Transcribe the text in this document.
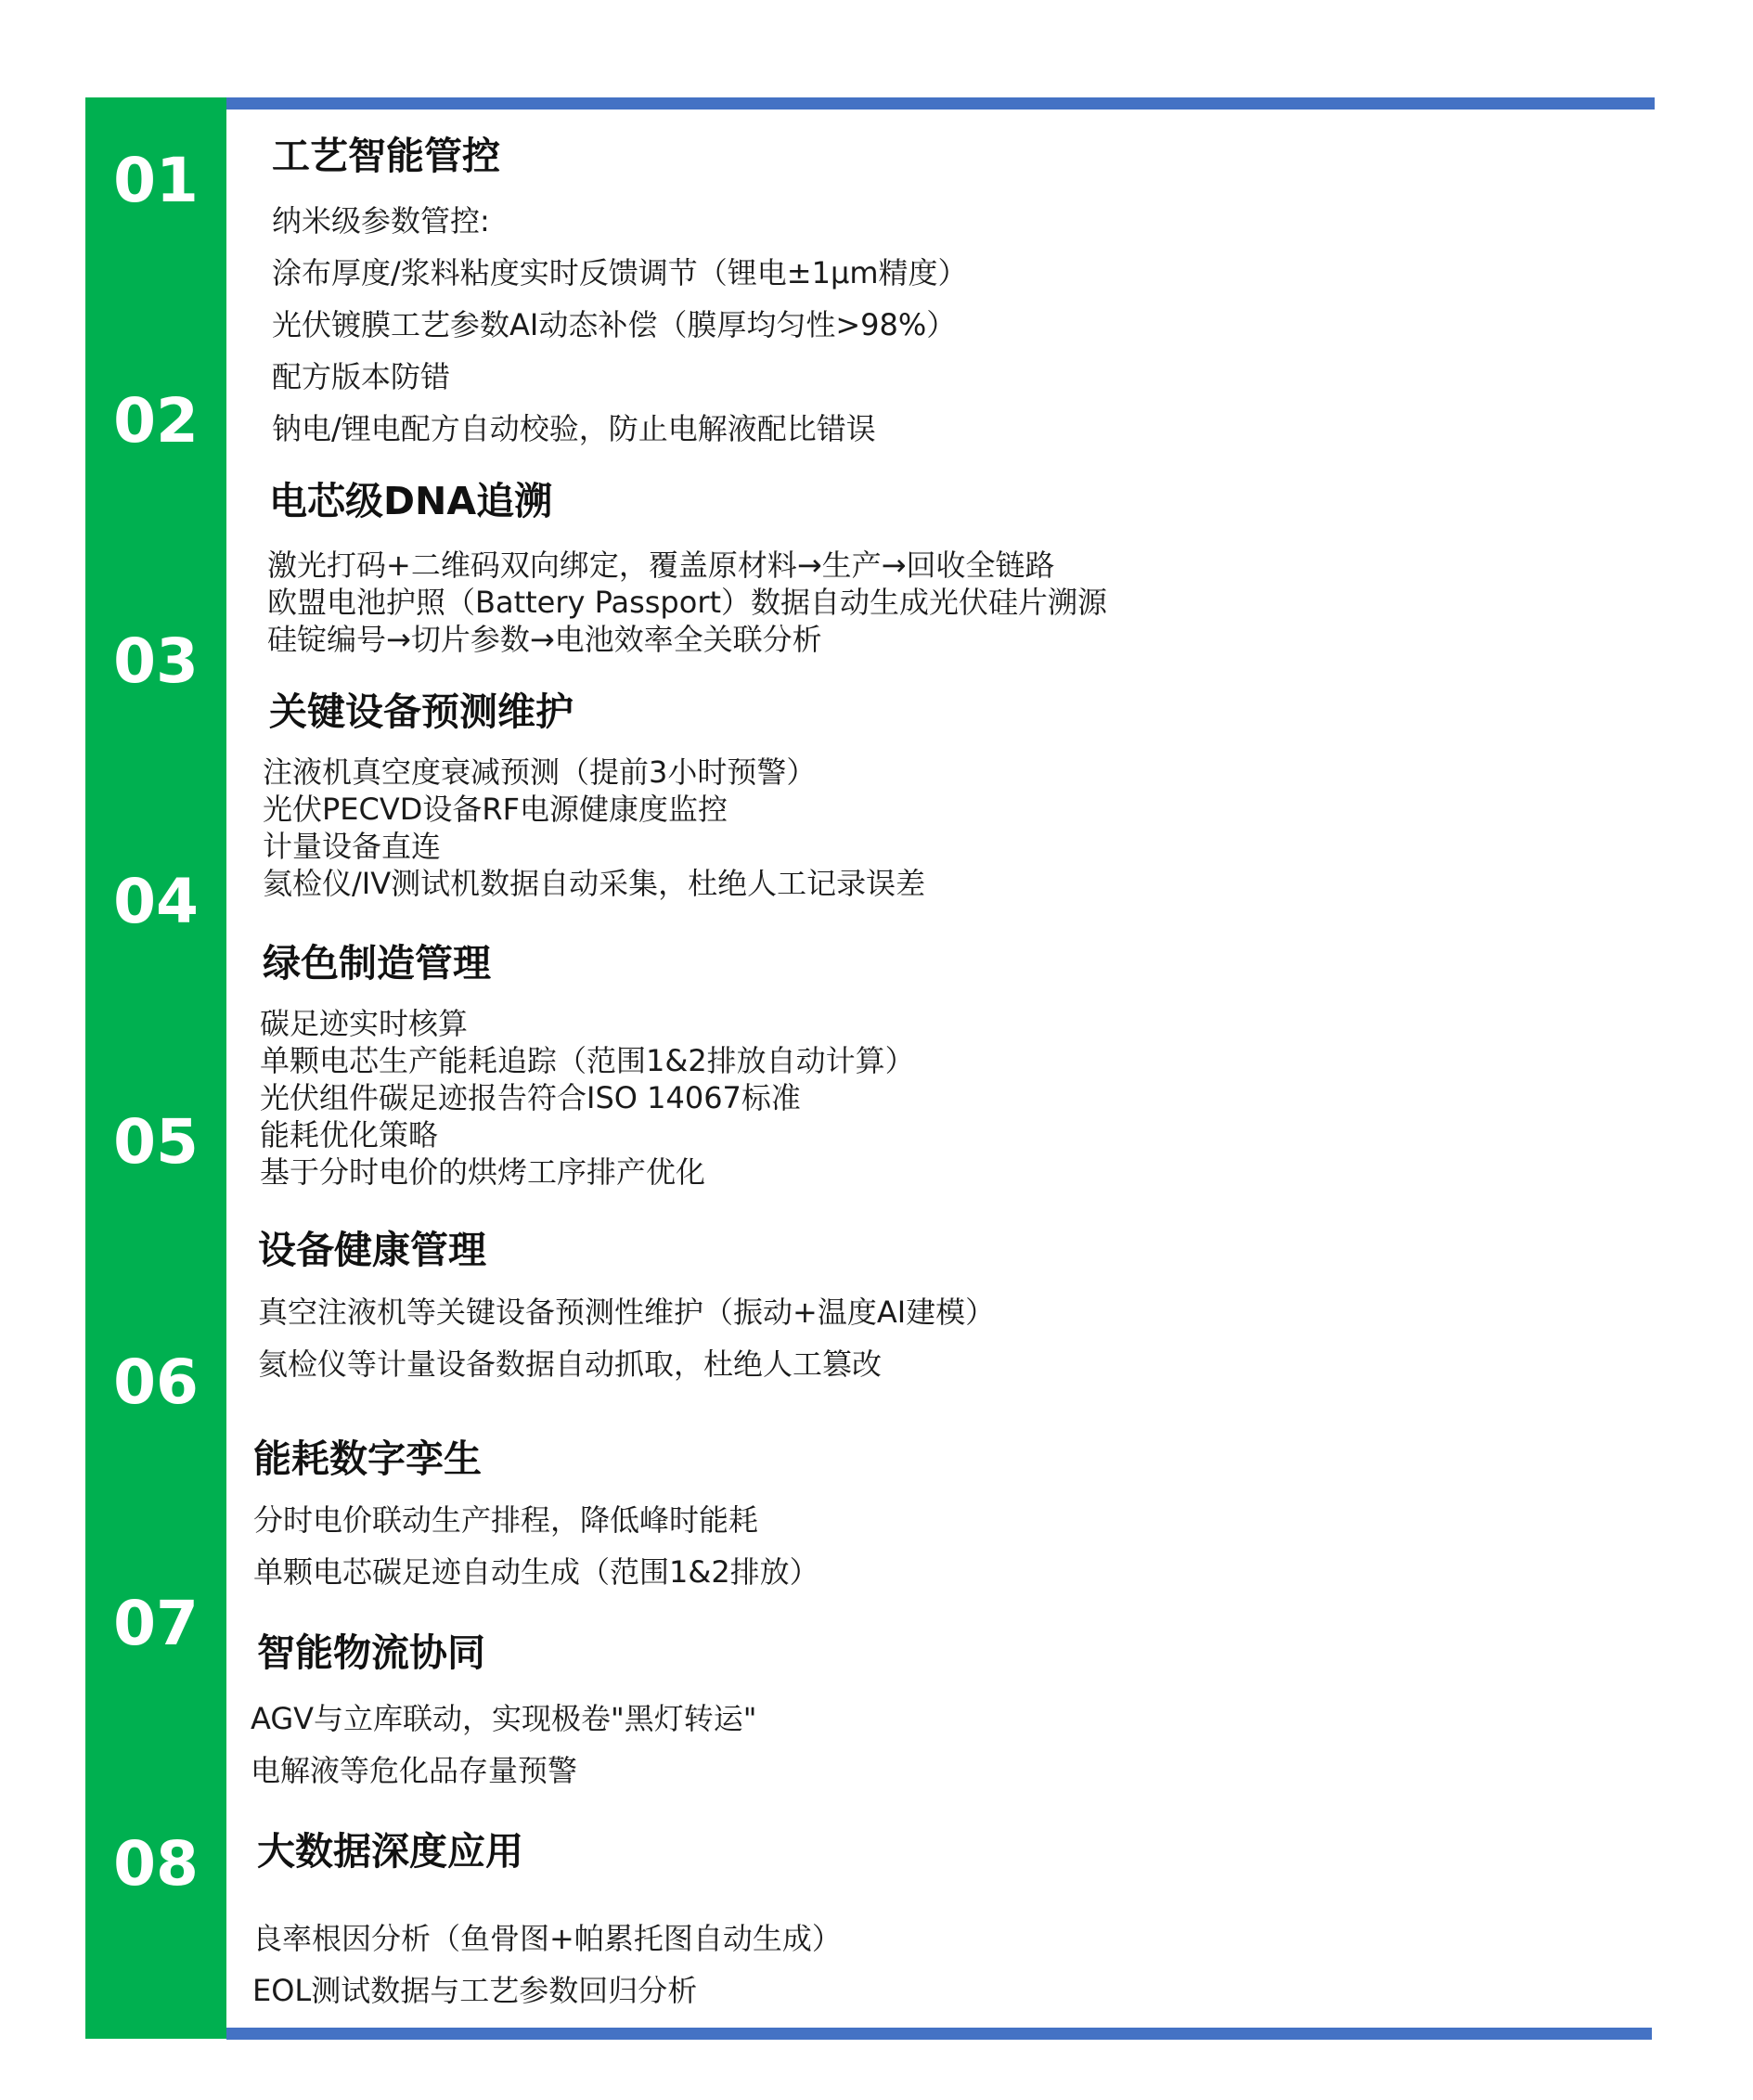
01
02
03
04
05
06
07
08
工艺智能管控
纳米级参数管控:
涂布厚度/浆料粘度实时反馈调节（锂电±1μm精度）
光伏镀膜工艺参数AI动态补偿（膜厚均匀性>98%）
配方版本防错
钠电/锂电配方自动校验，防止电解液配比错误
电芯级DNA追溯
激光打码+二维码双向绑定，覆盖原材料→生产→回收全链路
欧盟电池护照（Battery Passport）数据自动生成光伏硅片溯源
硅锭编号→切片参数→电池效率全关联分析
关键设备预测维护
注液机真空度衰减预测（提前3小时预警）
光伏PECVD设备RF电源健康度监控
计量设备直连
氦检仪/IV测试机数据自动采集，杜绝人工记录误差
绿色制造管理
碳足迹实时核算
单颗电芯生产能耗追踪（范围1&2排放自动计算）
光伏组件碳足迹报告符合ISO 14067标准
能耗优化策略
基于分时电价的烘烤工序排产优化
设备健康管理
真空注液机等关键设备预测性维护（振动+温度AI建模）
氦检仪等计量设备数据自动抓取，杜绝人工篡改
能耗数字孪生
分时电价联动生产排程，降低峰时能耗
单颗电芯碳足迹自动生成（范围1&2排放）
智能物流协同
AGV与立库联动，实现极卷"黑灯转运"
电解液等危化品存量预警
大数据深度应用
良率根因分析（鱼骨图+帕累托图自动生成）
EOL测试数据与工艺参数回归分析
